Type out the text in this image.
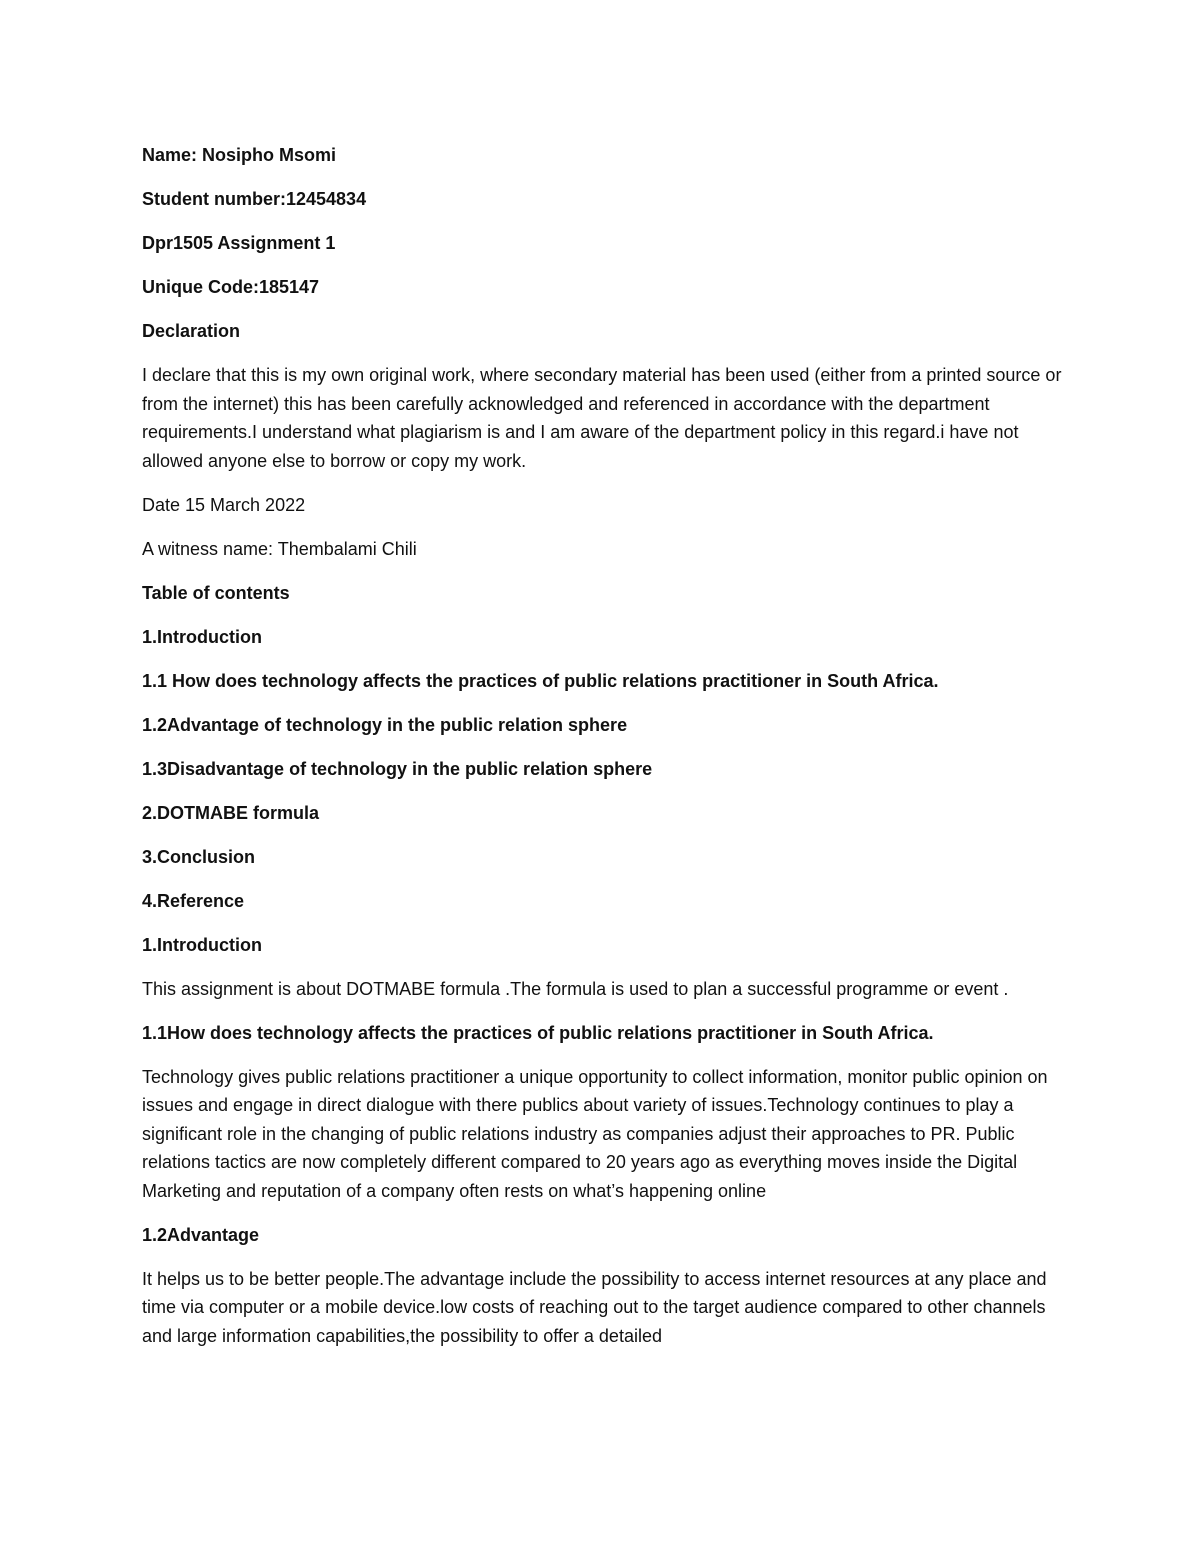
Name: Nosipho Msomi

Student number:12454834

Dpr1505 Assignment 1

Unique Code:185147

Declaration

I declare that this is my own original work, where secondary material has been used (either from a printed source or from the internet) this has been carefully acknowledged and referenced in accordance with the department requirements.I understand what plagiarism is and I am aware of the department policy in this regard.i have not allowed anyone else to borrow or copy my work.

Date 15 March 2022

A witness name: Thembalami Chili

Table of contents

1.Introduction

1.1 How does technology affects the practices of public relations practitioner in South Africa.

1.2Advantage of technology in the public relation sphere

1.3Disadvantage of technology in the public relation sphere

2.DOTMABE formula

3.Conclusion

4.Reference

1.Introduction

This assignment is about DOTMABE formula .The formula is used to plan a successful programme or event .

1.1How does technology affects the practices of public relations practitioner in South Africa.

Technology gives public relations practitioner a unique opportunity to collect information, monitor public opinion on issues and engage in direct dialogue with there publics about variety of issues.Technology continues to play a significant role in the changing of public relations industry as companies adjust their approaches to PR. Public relations tactics are now completely different compared to 20 years ago as everything moves inside the Digital Marketing and reputation of a company often rests on what’s happening online

1.2Advantage

It helps us to be better people.The advantage include the possibility to access internet resources at any place and time via computer or a mobile device.low costs of reaching out to the target audience compared to other channels and large information capabilities,the possibility to offer a detailed
